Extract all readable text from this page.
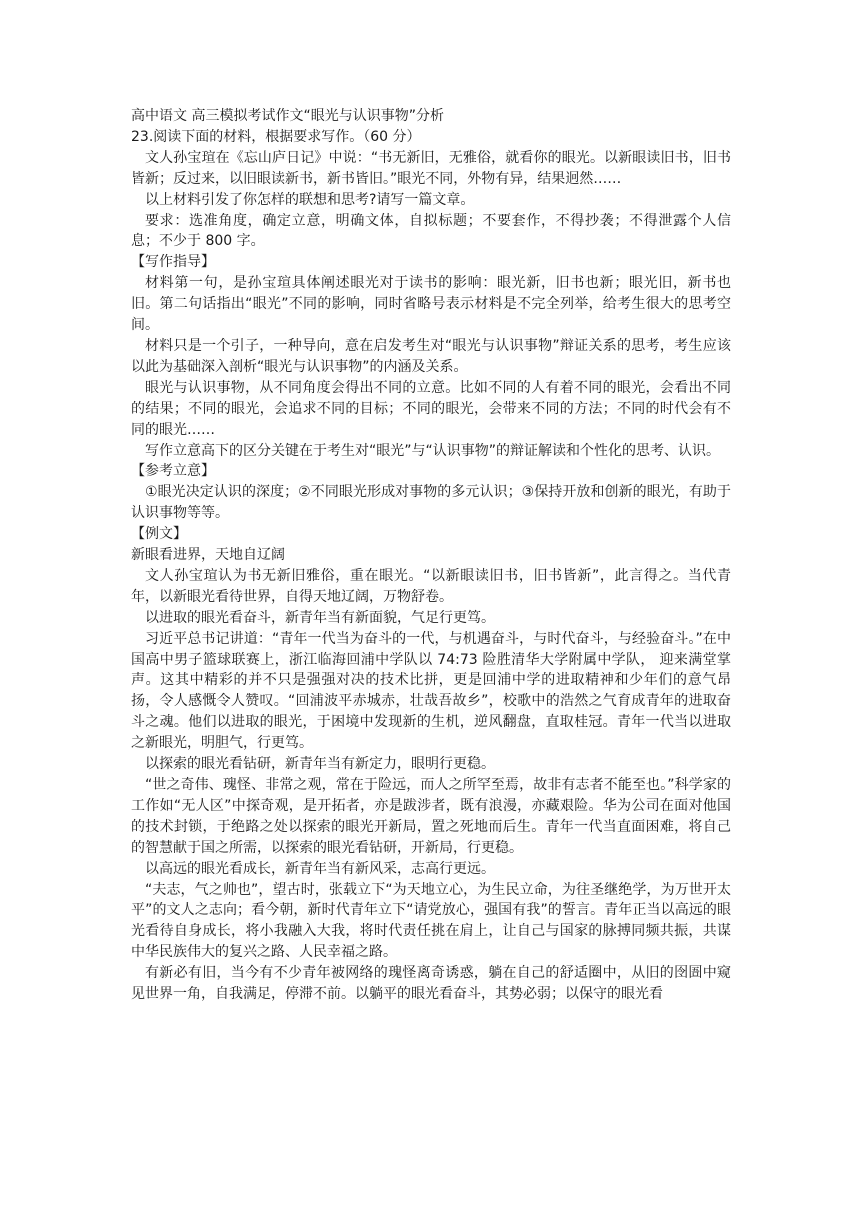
高中语文 高三模拟考试作文“眼光与认识事物”分析

23.阅读下面的材料，根据要求写作。（60 分）

文人孙宝瑄在《忘山庐日记》中说：“书无新旧，无雅俗，就看你的眼光。以新眼读旧书，旧书皆新；反过来，以旧眼读新书，新书皆旧。”眼光不同，外物有异，结果迥然……

以上材料引发了你怎样的联想和思考?请写一篇文章。

要求：选准角度，确定立意，明确文体，自拟标题；不要套作，不得抄袭；不得泄露个人信息；不少于 800 字。

【写作指导】

材料第一句，是孙宝瑄具体阐述眼光对于读书的影响：眼光新，旧书也新；眼光旧，新书也旧。第二句话指出“眼光”不同的影响，同时省略号表示材料是不完全列举，给考生很大的思考空间。

材料只是一个引子，一种导向，意在启发考生对“眼光与认识事物”辩证关系的思考，考生应该以此为基础深入剖析“眼光与认识事物”的内涵及关系。

眼光与认识事物，从不同角度会得出不同的立意。比如不同的人有着不同的眼光，会看出不同的结果；不同的眼光，会追求不同的目标；不同的眼光，会带来不同的方法；不同的时代会有不同的眼光……

写作立意高下的区分关键在于考生对“眼光”与“认识事物”的辩证解读和个性化的思考、认识。

【参考立意】

①眼光决定认识的深度；②不同眼光形成对事物的多元认识；③保持开放和创新的眼光，有助于认识事物等等。

【例文】

新眼看进界，天地自辽阔

文人孙宝瑄认为书无新旧雅俗，重在眼光。“以新眼读旧书，旧书皆新”，此言得之。当代青年，以新眼光看待世界，自得天地辽阔，万物舒卷。

以进取的眼光看奋斗，新青年当有新面貌，气足行更笃。

习近平总书记讲道：“青年一代当为奋斗的一代，与机遇奋斗，与时代奋斗，与经验奋斗。”在中国高中男子篮球联赛上，浙江临海回浦中学队以 74:73 险胜清华大学附属中学队， 迎来满堂掌声。这其中精彩的并不只是强强对决的技术比拼，更是回浦中学的进取精神和少年们的意气昂扬，令人感慨令人赞叹。“回浦波平赤城赤，壮哉吾故乡”，校歌中的浩然之气育成青年的进取奋斗之魂。他们以进取的眼光，于困境中发现新的生机，逆风翻盘，直取桂冠。青年一代当以进取之新眼光，明胆气，行更笃。

以探索的眼光看钻研，新青年当有新定力，眼明行更稳。

“世之奇伟、瑰怪、非常之观，常在于险远，而人之所罕至焉，故非有志者不能至也。”科学家的工作如“无人区”中探奇观，是开拓者，亦是跋涉者，既有浪漫，亦藏艰险。华为公司在面对他国的技术封锁，于绝路之处以探索的眼光开新局，置之死地而后生。青年一代当直面困难，将自己的智慧献于国之所需，以探索的眼光看钻研，开新局，行更稳。

以高远的眼光看成长，新青年当有新风采，志高行更远。

“夫志，气之帅也”，望古时，张载立下“为天地立心，为生民立命，为往圣继绝学，为万世开太平”的文人之志向；看今朝，新时代青年立下“请党放心，强国有我”的誓言。青年正当以高远的眼光看待自身成长，将小我融入大我，将时代责任挑在肩上，让自己与国家的脉搏同频共振，共谋中华民族伟大的复兴之路、人民幸福之路。

有新必有旧，当今有不少青年被网络的瑰怪离奇诱惑，躺在自己的舒适圈中，从旧的囹圄中窥见世界一角，自我满足，停滞不前。以躺平的眼光看奋斗，其势必弱；以保守的眼光看
